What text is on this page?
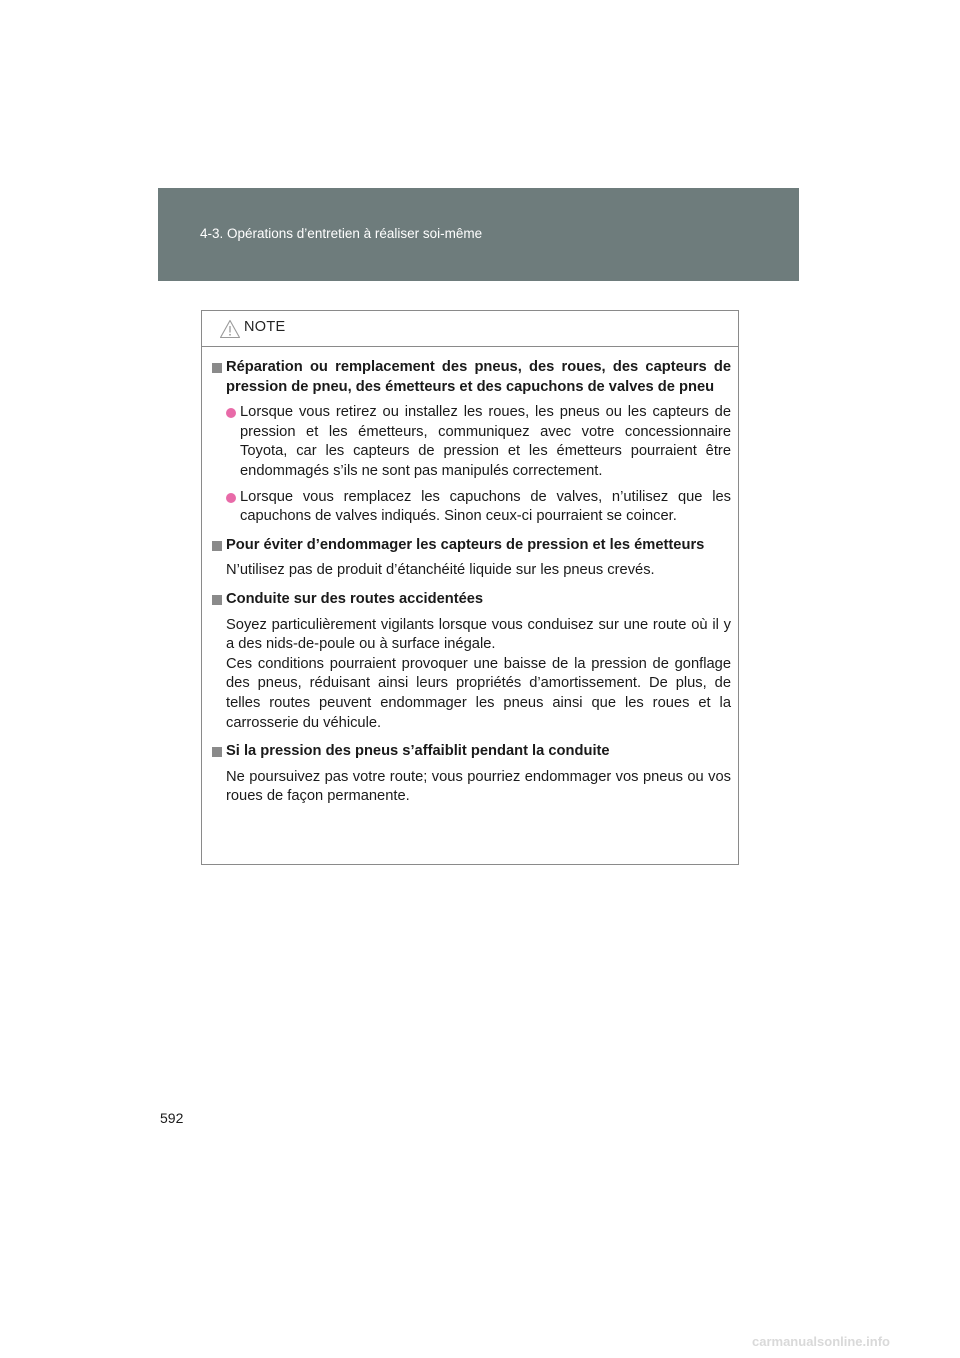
4-3. Opérations d’entretien à réaliser soi-même
NOTE
Réparation ou remplacement des pneus, des roues, des capteurs de pression de pneu, des émetteurs et des capuchons de valves de pneu
Lorsque vous retirez ou installez les roues, les pneus ou les capteurs de pression et les émetteurs, communiquez avec votre concessionnaire Toyota, car les capteurs de pression et les émetteurs pourraient être endommagés s’ils ne sont pas manipulés correctement.
Lorsque vous remplacez les capuchons de valves, n’utilisez que les capuchons de valves indiqués. Sinon ceux-ci pourraient se coincer.
Pour éviter d’endommager les capteurs de pression et les émetteurs
N’utilisez pas de produit d’étanchéité liquide sur les pneus crevés.
Conduite sur des routes accidentées
Soyez particulièrement vigilants lorsque vous conduisez sur une route où il y a des nids-de-poule ou à surface inégale.
Ces conditions pourraient provoquer une baisse de la pression de gonflage des pneus, réduisant ainsi leurs propriétés d’amortissement. De plus, de telles routes peuvent endommager les pneus ainsi que les roues et la carrosserie du véhicule.
Si la pression des pneus s’affaiblit pendant la conduite
Ne poursuivez pas votre route; vous pourriez endommager vos pneus ou vos roues de façon permanente.
592
carmanualsonline.info
